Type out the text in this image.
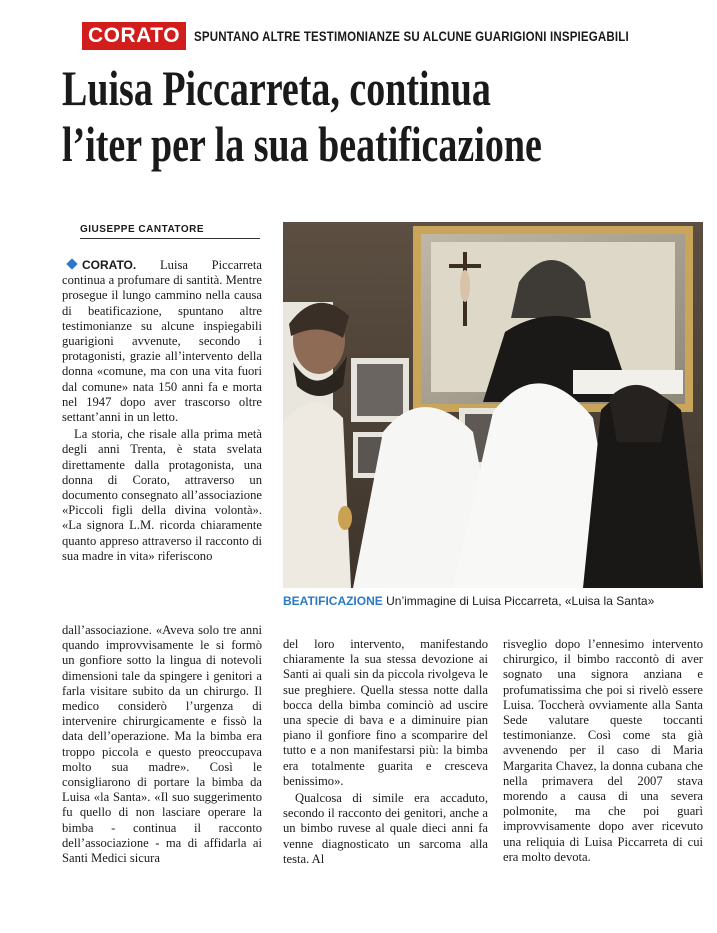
CORATO	SPUNTANO ALTRE TESTIMONIANZE SU ALCUNE GUARIGIONI INSPIEGABILI
Luisa Piccarreta, continua
l’iter per la sua beatificazione
GIUSEPPE CANTATORE

CORATO. Luisa Piccarreta continua a profumare di santità. Mentre prosegue il lungo cammino nella causa di beatificazione, spuntano altre testimonianze su alcune inspiegabili guarigioni avvenute, secondo i protagonisti, grazie all’intervento della donna «comune, ma con una vita fuori dal comune» nata 150 anni fa e morta nel 1947 dopo aver trascorso oltre settant’anni in un letto.

La storia, che risale alla prima metà degli anni Trenta, è stata svelata direttamente dalla protagonista, una donna di Corato, attraverso un documento consegnato all’associazione «Piccoli figli della divina volontà». «La signora L.M. ricorda chiaramente quanto appreso attraverso il racconto di sua madre in vita» riferiscono

BEATIFICAZIONE Un’immagine di Luisa Piccarreta, «Luisa la Santa»

dall’associazione. «Aveva solo tre anni quando improvvisamente le si formò un gonfiore sotto la lingua di notevoli dimensioni tale da spingere i genitori a farla visitare subito da un chirurgo. Il medico considerò l’urgenza di intervenire chirurgicamente e fissò la data dell’operazione. Ma la bimba era troppo piccola e questo preoccupava molto sua madre». Così le consigliarono di portare la bimba da Luisa «la Santa». «Il suo suggerimento fu quello di non lasciare operare la bimba - continua il racconto dell’associazione - ma di affidarla ai Santi Medici sicura

del loro intervento, manifestando chiaramente la sua stessa devozione ai Santi ai quali sin da piccola rivolgeva le sue preghiere. Quella stessa notte dalla bocca della bimba cominciò ad uscire una specie di bava e a diminuire pian piano il gonfiore fino a scomparire del tutto e a non manifestarsi più: la bimba era totalmente guarita e cresceva benissimo».

Qualcosa di simile era accaduto, secondo il racconto dei genitori, anche a un bimbo ruvese al quale dieci anni fa venne diagnosticato un sarcoma alla testa. Al

risveglio dopo l’ennesimo intervento chirurgico, il bimbo raccontò di aver sognato una signora anziana e profumatissima che poi si rivelò essere Luisa. Toccherà ovviamente alla Santa Sede valutare queste toccanti testimonianze. Così come sta già avvenendo per il caso di Maria Margarita Chavez, la donna cubana che nella primavera del 2007 stava morendo a causa di una severa polmonite, ma che poi guarì improvvisamente dopo aver ricevuto una reliquia di Luisa Piccarreta di cui era molto devota.
